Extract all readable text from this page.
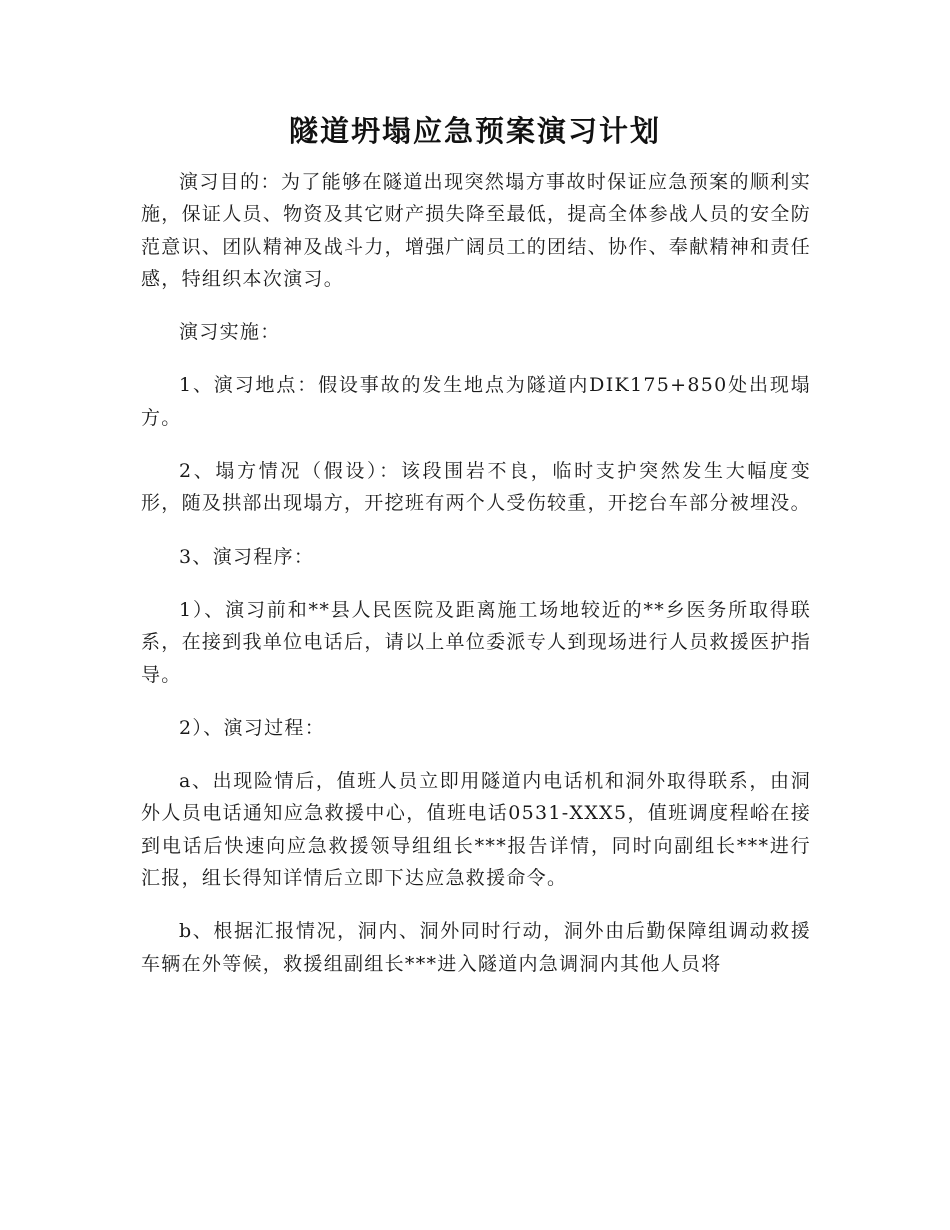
隧道坍塌应急预案演习计划

演习目的：为了能够在隧道出现突然塌方事故时保证应急预案的顺利实施，保证人员、物资及其它财产损失降至最低，提高全体参战人员的安全防范意识、团队精神及战斗力，增强广阔员工的团结、协作、奉献精神和责任感，特组织本次演习。

演习实施：

1、演习地点：假设事故的发生地点为隧道内DIK175+850处出现塌方。

2、塌方情况（假设）：该段围岩不良，临时支护突然发生大幅度变形，随及拱部出现塌方，开挖班有两个人受伤较重，开挖台车部分被埋没。

3、演习程序：

1）、演习前和**县人民医院及距离施工场地较近的**乡医务所取得联系，在接到我单位电话后，请以上单位委派专人到现场进行人员救援医护指导。

2）、演习过程：

a、出现险情后，值班人员立即用隧道内电话机和洞外取得联系，由洞外人员电话通知应急救援中心，值班电话0531-XXX5，值班调度程峪在接到电话后快速向应急救援领导组组长***报告详情，同时向副组长***进行汇报，组长得知详情后立即下达应急救援命令。

b、根据汇报情况，洞内、洞外同时行动，洞外由后勤保障组调动救援车辆在外等候，救援组副组长***进入隧道内急调洞内其他人员将
